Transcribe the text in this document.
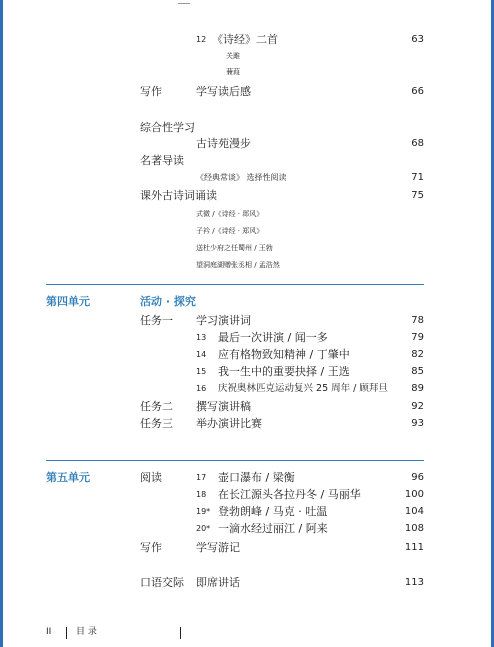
12 《诗经》二首	63
关雎
蒹葭
写作	学写读后感	66
综合性学习
古诗苑漫步	68
名著导读
《经典常谈》 选择性阅读	71
课外古诗词诵读	75
式微 /《诗经 · 邶风》
子衿 /《诗经 · 郑风》
送杜少府之任蜀州 / 王勃
望洞庭湖赠张丞相 / 孟浩然
第四单元	活动 · 探究
任务一 学习演讲词	78
13 最后一次讲演 / 闻一多	79
14 应有格物致知精神 / 丁肇中	82
15 我一生中的重要抉择 / 王选	85
16 庆祝奥林匹克运动复兴 25 周年 / 顾拜旦 89
任务二 撰写演讲稿	92
任务三 举办演讲比赛	93
第五单元	阅读	17 壶口瀑布 / 梁衡	96
18 在长江源头各拉丹冬 / 马丽华	100
19* 登勃朗峰 / 马克 · 吐温	104
20* 一滴水经过丽江 / 阿来	108
写作	学写游记	111
口语交际 即席讲话	113
II	目 录
